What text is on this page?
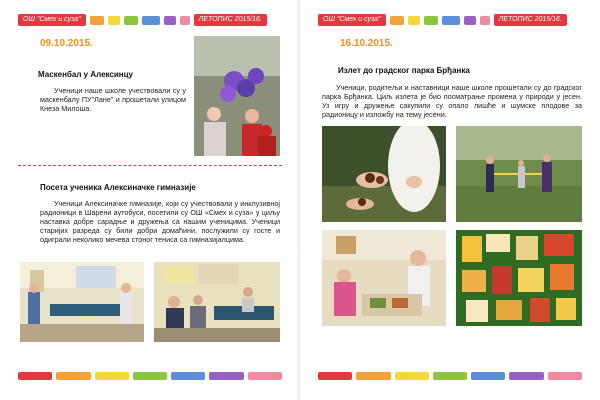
ОШ "Смех и суза"	ЛЕТОПИС 2015/16.
09.10.2015.
Маскенбал у Алексинцу
Ученици наше школе учествовали су у маскенбалу ПУ"Лане" и прошетали улицом Кнеза Милоша.
Посета ученика Алексиначке гимназије
Ученици Алексиначке гимназије, који су учествовали у инклузивној радионици в Шарени аутобуси, посетили су ОШ «Смех и суза» у циљу наставка добре сарадње и дружења са нашим ученицима. Ученици старијих разреда су били добри домаћини, послужили су госте и одиграли неколико мечева стоног тениса са гимназијалцима.
ОШ "Смех и суза"	ЛЕТОПИС 2015/16.
16.10.2015.
Излет до градског парка Брђанка
Ученици, родитељи и наставници наше школе прошетали су до градског парка Брђанка. Циљ излета је био посматрање промена у природи у јесен. Уз игру и дружење сакупили су опало лишће и шумске плодове за радионицу и изложбу на тему јесени.
